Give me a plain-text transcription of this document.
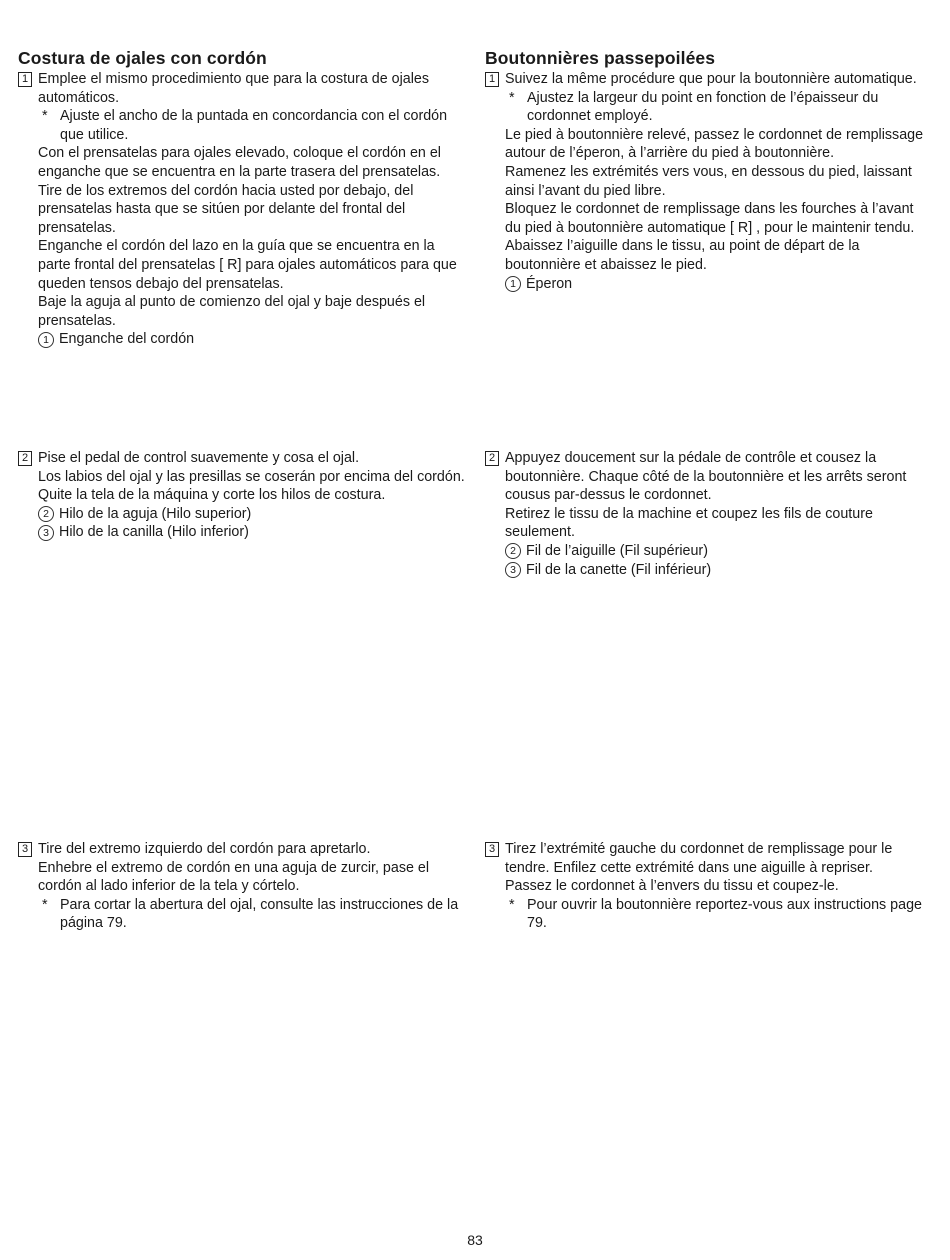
Costura de ojales con cordón
1 Emplee el mismo procedimiento que para la costura de ojales automáticos.

* Ajuste el ancho de la puntada en concordancia con el cordón que utilice.

Con el prensatelas para ojales elevado, coloque el cordón en el enganche que se encuentra en la parte trasera del prensatelas.

Tire de los extremos del cordón hacia usted por debajo, del prensatelas hasta que se sitúen por delante del frontal del prensatelas.

Enganche el cordón del lazo en la guía que se encuentra en la parte frontal del prensatelas [ R] para ojales automáticos para que queden tensos debajo del prensatelas.

Baje la aguja al punto de comienzo del ojal y baje después el prensatelas.

1 Enganche del cordón
2 Pise el pedal de control suavemente y cosa el ojal.

Los labios del ojal y las presillas se coserán por encima del cordón.

Quite la tela de la máquina y corte los hilos de costura.

2 Hilo de la aguja (Hilo superior)
3 Hilo de la canilla (Hilo inferior)
3 Tire del extremo izquierdo del cordón para apretarlo.

Enhebre el extremo de cordón en una aguja de zurcir, pase el cordón al lado inferior de la tela y córtelo.

* Para cortar la abertura del ojal, consulte las instrucciones de la página 79.
Boutonnières passepoilées
1 Suivez la même procédure que pour la boutonnière automatique.

* Ajustez la largeur du point en fonction de l’épaisseur du cordonnet employé.

Le pied à boutonnière relevé, passez le cordonnet de remplissage autour de l’éperon, à l’arrière du pied à boutonnière.

Ramenez les extrémités vers vous, en dessous du pied, laissant ainsi l’avant du pied libre.

Bloquez le cordonnet de remplissage dans les fourches à l’avant du pied à boutonnière automatique [ R] , pour le maintenir tendu.

Abaissez l’aiguille dans le tissu, au point de départ de la boutonnière et abaissez le pied.

1 Éperon
2 Appuyez doucement sur la pédale de contrôle et cousez la boutonnière. Chaque côté de la boutonnière et les arrêts seront cousus par-dessus le cordonnet.

Retirez le tissu de la machine et coupez les fils de couture seulement.

2 Fil de l’aiguille (Fil supérieur)
3 Fil de la canette (Fil inférieur)
3 Tirez l’extrémité gauche du cordonnet de remplissage pour le tendre. Enfilez cette extrémité dans une aiguille à repriser.

Passez le cordonnet à l’envers du tissu et coupez-le.

* Pour ouvrir la boutonnière reportez-vous aux instructions page 79.
83
